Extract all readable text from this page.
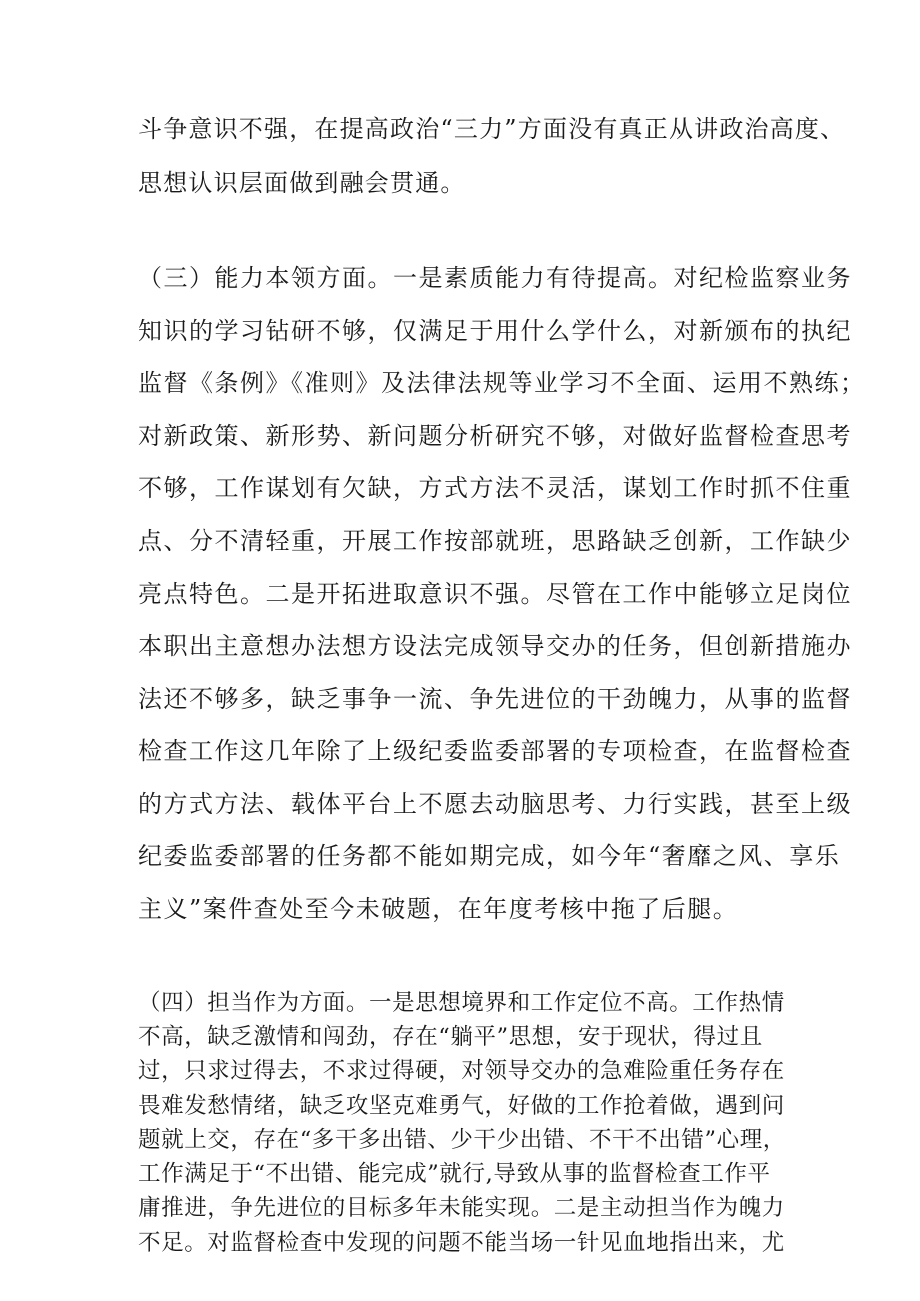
斗争意识不强，在提高政治“三力”方面没有真正从讲政治高度、
思想认识层面做到融会贯通。
（三）能力本领方面。一是素质能力有待提高。对纪检监察业务
知识的学习钻研不够，仅满足于用什么学什么，对新颁布的执纪
监督《条例》《准则》及法律法规等业学习不全面、运用不熟练；
对新政策、新形势、新问题分析研究不够，对做好监督检查思考
不够，工作谋划有欠缺，方式方法不灵活，谋划工作时抓不住重
点、分不清轻重，开展工作按部就班，思路缺乏创新，工作缺少
亮点特色。二是开拓进取意识不强。尽管在工作中能够立足岗位
本职出主意想办法想方设法完成领导交办的任务，但创新措施办
法还不够多，缺乏事争一流、争先进位的干劲魄力，从事的监督
检查工作这几年除了上级纪委监委部署的专项检查，在监督检查
的方式方法、载体平台上不愿去动脑思考、力行实践，甚至上级
纪委监委部署的任务都不能如期完成，如今年“奢靡之风、享乐
主义”案件查处至今未破题，在年度考核中拖了后腿。
（四）担当作为方面。一是思想境界和工作定位不高。工作热情
不高，缺乏激情和闯劲，存在“躺平”思想，安于现状，得过且
过，只求过得去，不求过得硬，对领导交办的急难险重任务存在
畏难发愁情绪，缺乏攻坚克难勇气，好做的工作抢着做，遇到问
题就上交，存在“多干多出错、少干少出错、不干不出错”心理，
工作满足于“不出错、能完成”就行,导致从事的监督检查工作平
庸推进，争先进位的目标多年未能实现。二是主动担当作为魄力
不足。对监督检查中发现的问题不能当场一针见血地指出来，尤
